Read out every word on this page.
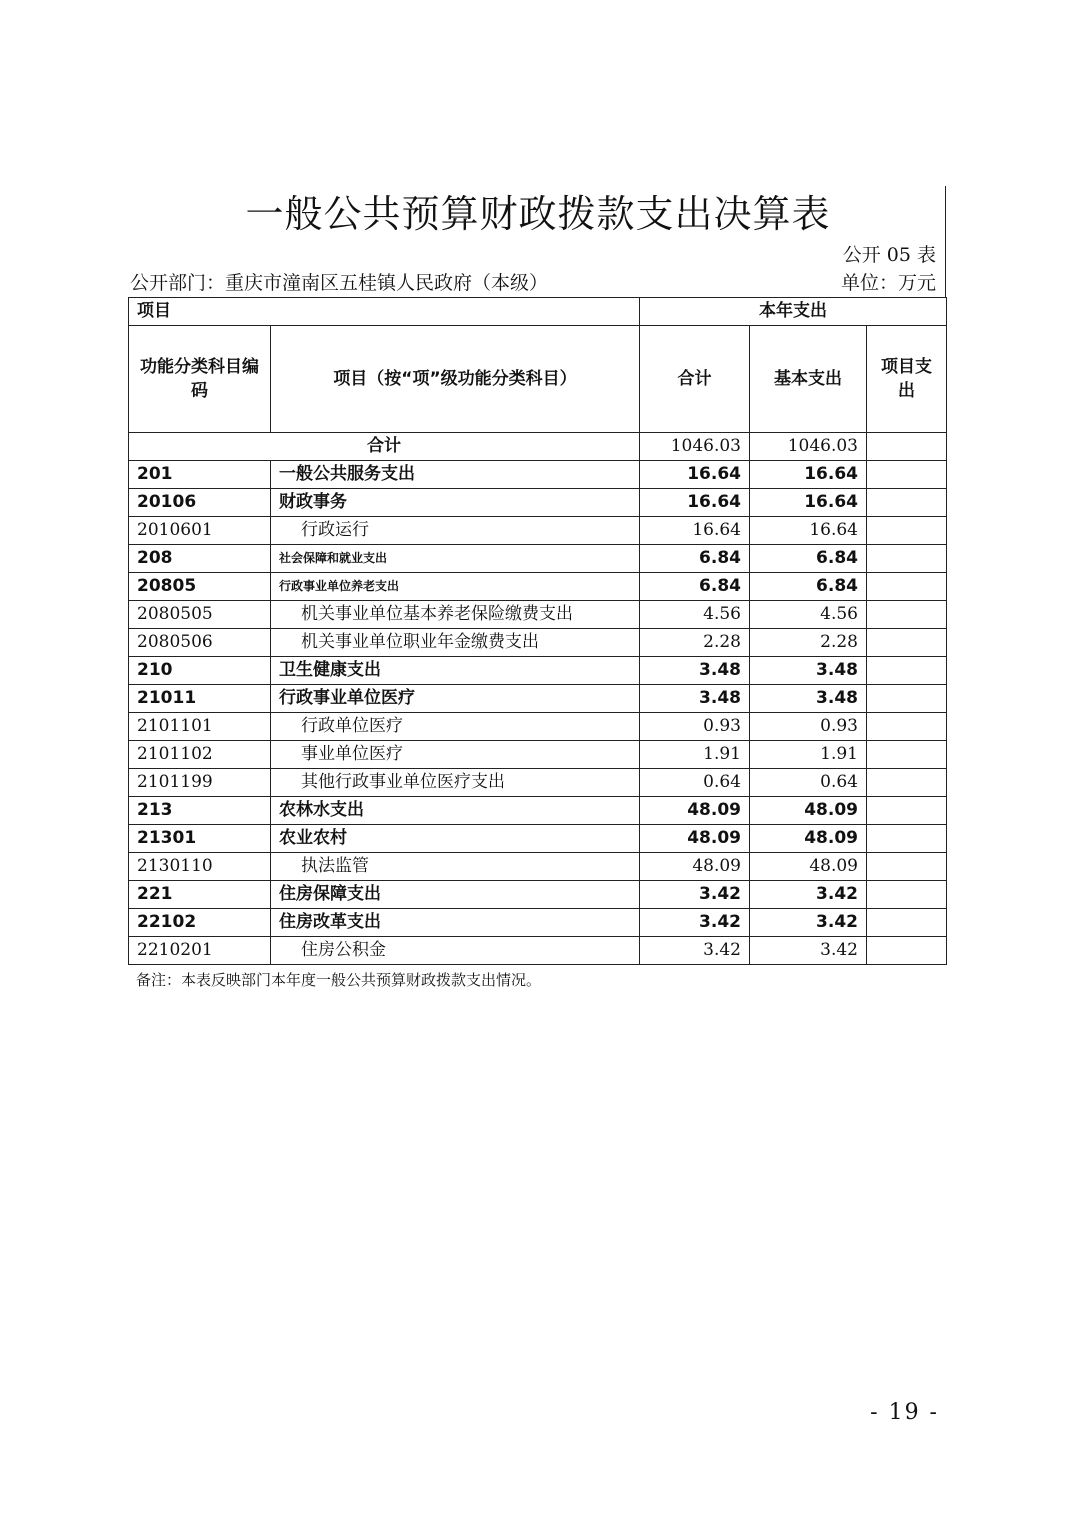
一般公共预算财政拨款支出决算表
公开 05 表
公开部门：重庆市潼南区五桂镇人民政府（本级）	单位：万元
项目		本年支出		
功能分类科目编码	项目（按“项”级功能分类科目）	合计	基本支出	项目支出
合计		1046.03	1046.03	
201	一般公共服务支出	16.64	16.64	
20106	财政事务	16.64	16.64	
2010601	行政运行	16.64	16.64	
208	社会保障和就业支出	6.84	6.84	
20805	行政事业单位养老支出	6.84	6.84	
2080505	机关事业单位基本养老保险缴费支出	4.56	4.56	
2080506	机关事业单位职业年金缴费支出	2.28	2.28	
210	卫生健康支出	3.48	3.48	
21011	行政事业单位医疗	3.48	3.48	
2101101	行政单位医疗	0.93	0.93	
2101102	事业单位医疗	1.91	1.91	
2101199	其他行政事业单位医疗支出	0.64	0.64	
213	农林水支出	48.09	48.09	
21301	农业农村	48.09	48.09	
2130110	执法监管	48.09	48.09	
221	住房保障支出	3.42	3.42	
22102	住房改革支出	3.42	3.42	
2210201	住房公积金	3.42	3.42	
备注：本表反映部门本年度一般公共预算财政拨款支出情况。
- 19 -
